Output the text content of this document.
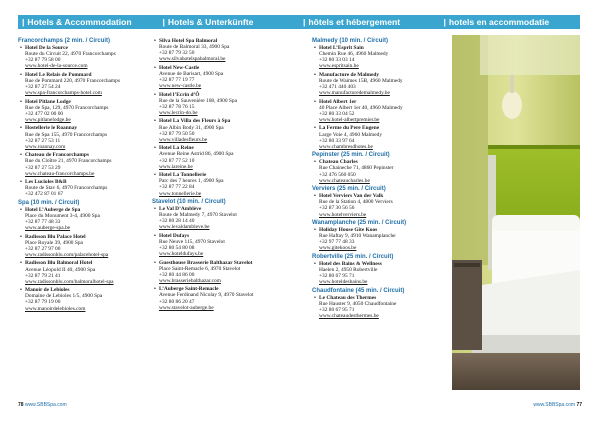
| Hotels & Accommodation	| Hotels & Unterkünfte	| hôtels et hébergement	| hotels en accommodatie
Francorchamps (2 min. / Circuit)
• Hotel De la Source
Route du Circuit 22, 4970 Francorchamps
+32 87 79 58 00
www.hotel-de-la-source.com
• Hotel Le Relais de Pommard
Rue de Pommard 220, 4970 Francorchamps
+32 87 27 54 24
www.spa-francorchamps-hotel.com
• Hotel Pitlane Lodge
Rue de Spa, 129, 4970 Francorchamps
+32 477 02 00 00
www.pitlanelodge.be
• Hostellerie le Roannay
Rue de Spa 155, 4970 Francorchamps
+32 87 27 53 11
www.roannay.com
• Chateau de Francorchamps
Rue du Cloître 21, 4970 Francorchamps
+32 87 27 53 29
www.chateau-francorchamps.be
• Les Lucioles B&B
Route de Stav 6, 4970 Francorchamps
+32 472 87 01 67
Spa (10 min. / Circuit)
• Hotel L’Auberge de Spa
Place du Monument 3-4, 4900 Spa
+32 87 77 48 33
www.auberge-spa.be
• Radisson Blu Palace Hotel
Place Royale 39, 4900 Spa
+32 87 27 97 00
www.radissonblu.com/palacehotel-spa
• Radisson Blu Balmoral Hotel
Avenue Léopold II 40, 4900 Spa
+32 87 79 21 41
www.radissonblu.com/balmoralhotel-spa
• Manoir de Lebioles
Domaine de Lebioles 1/5, 4900 Spa
+32 87 79 19 00
www.manoirdelebioles.com
• Silva Hotel Spa Balmoral
Route de Balmoral 33, 4900 Spa
+32 87 79 32 50
www.silvahotelspabalmoral.be
• Hotel New-Castle
Avenue de Barisart, 4900 Spa
+32 87 77 19 77
www.new-castle.be
• Hotel l’Ecrin d’Ô
Rue de la Sauvenière 108, 4900 Spa
+32 87 78 76 15
www.lecrin-do.be
• Hotel La Villa des Fleurs à Spa
Rue Albin Body 31, 4900 Spa
+32 87 79 50 50
www.villadesfleurs.be
• Hotel La Reine
Avenue Reine Astrid 86, 4900 Spa
+32 87 77 52 10
www.lareine.be
• Hotel La Tonnellerie
Parc des 7 heures 1, 4900 Spa
+32 87 77 22 84
www.tonnellerie.be
Stavelot (10 min. / Circuit)
• Le Val D’Amblève
Route de Malmedy 7, 4970 Stavelot
+32 80 28 14 40
www.levaldambleve.be
• Hotel Dufays
Rue Neuve 115, 4970 Stavelot
+32 80 54 80 08
www.hoteldufays.be
• Guesthouse Brasserie Balthazar Stavelot
Place Saint-Remacle 6, 4970 Stavelot
+32 80 44 86 00
www.brasseriebalthazar.com
• L’Auberge Saint-Remacle
Avenue Ferdinand Nicolay 9, 4970 Stavelot
+32 80 86 20 47
www.stavelot-auberge.be
Malmedy (10 min. / Circuit)
• Hotel L’Esprit Sain
Chemin Rue 46, 4960 Malmedy
+32 80 33 03 14
www.espritsain.be
• Manufacture de Malmedy
Route de Waimes 15B, 4960 Malmedy
+32 471 440 403
www.manufacturedemalmedy.be
• Hotel Albert 1er
40 Place Albert 1er 40, 4960 Malmedy
+32 80 33 04 52
www.hotel-albertpremier.be
• La Ferme du Pere Eugene
Large Voie 4, 4960 Malmedy
+32 80 33 97 64
www.chambresdhotes.be
Pepinster (25 min. / Circuit)
• Chateau Charles
Rue Chaineche 71, 4860 Pepinster
+32 476 560 050
www.chateaucharles.be
Verviers (25 min. / Circuit)
• Hotel Verviers Van der Valk
Rue de la Station 4, 4800 Verviers
+32 87 30 56 56
www.hotelverviers.be
Wanamplanche (25 min. / Circuit)
• Holiday House Gîte Koos
Rue Haftay 9, 4910 Wanamplanche
+32 97 77 48 33
www.gitekoos.be
Robertville (25 min. / Circuit)
• Hotel des Bains & Wellness
Haelen 2, 4950 Robertville
+32 80 67 95 71
www.hoteldesbains.be
Chaudfontaine (45 min. / Circuit)
• Le Chateau des Thermes
Rue Hauster 9, 4050 Chaudfontaine
+32 80 67 95 71
www.chateaudesthermes.be
78 www.SBBSpa.com	www.SBBSpa.com 77
